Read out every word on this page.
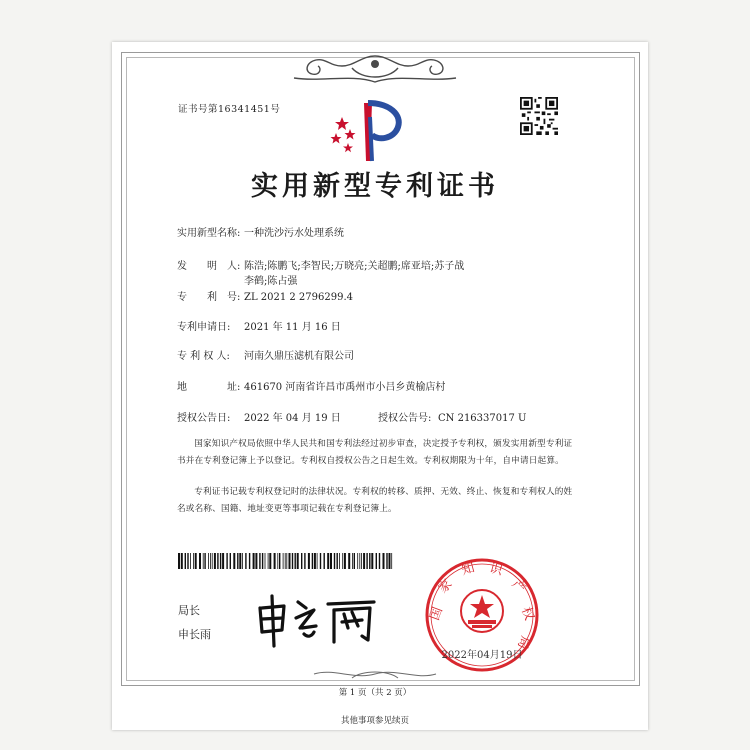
证书号第16341451号
实用新型专利证书
实用新型名称: 一种洗沙污水处理系统
发　　明　人: 陈浩;陈鹏飞;李智民;万晓亮;关超鹏;席亚培;苏子战 李鹤;陈占强
专　　利　号: ZL 2021 2 2796299.4
专利申请日: 2021 年 11 月 16 日
专 利 权 人: 河南久鼎压滤机有限公司
地　　　　址: 461670 河南省许昌市禹州市小吕乡黄榆店村
授权公告日: 2022 年 04 月 19 日	授权公告号: CN 216337017 U
国家知识产权局依照中华人民共和国专利法经过初步审查，决定授予专利权，颁发实用新型专利证书并在专利登记簿上予以登记。专利权自授权公告之日起生效。专利权期限为十年，自申请日起算。
专利证书记载专利权登记时的法律状况。专利权的转移、质押、无效、终止、恢复和专利权人的姓名或名称、国籍、地址变更等事项记载在专利登记簿上。
局长
申长雨
国
家
知 识
产
权
局
2022年04月19日
第 1 页（共 2 页）
其他事项参见续页
